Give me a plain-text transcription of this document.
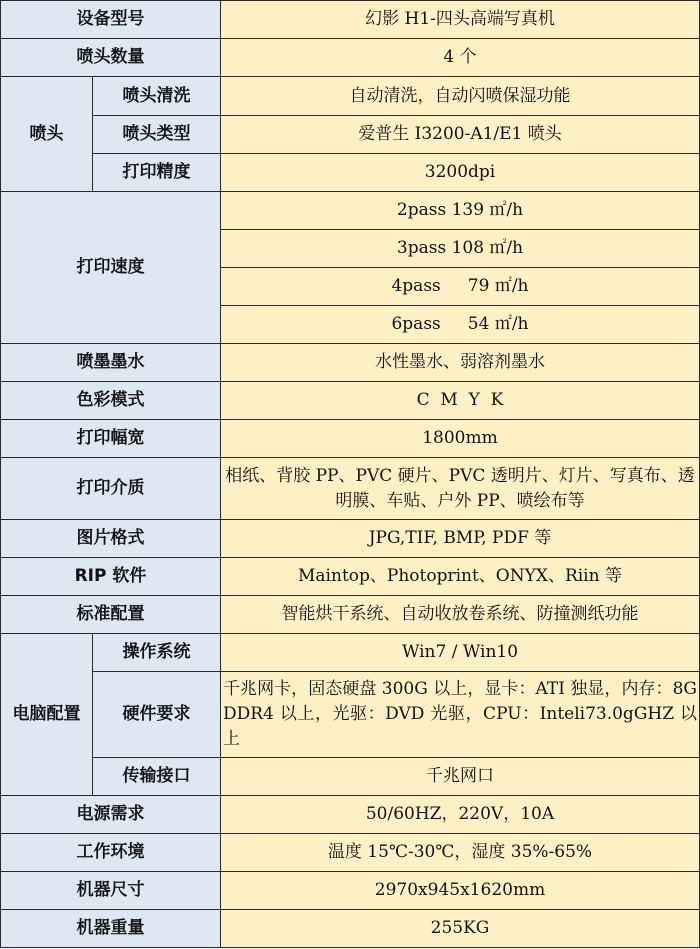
设备型号		幻影 H1-四头高端写真机
喷头数量		4 个
喷头	喷头清洗	自动清洗，自动闪喷保湿功能
	喷头类型	爱普生 I3200-A1/E1 喷头
	打印精度	3200dpi
打印速度		2pass 139 ㎡/h
		3pass 108 ㎡/h
		4pass     79 ㎡/h
		6pass     54 ㎡/h
喷墨墨水		水性墨水、弱溶剂墨水
色彩模式		C  M  Y  K
打印幅宽		1800mm
打印介质		相纸、背胶 PP、PVC 硬片、PVC 透明片、灯片、写真布、透明膜、车贴、户外 PP、喷绘布等
图片格式		JPG,TIF, BMP, PDF 等
RIP 软件		Maintop、Photoprint、ONYX、Riin 等
标准配置		智能烘干系统、自动收放卷系统、防撞测纸功能
电脑配置	操作系统	Win7 / Win10
	硬件要求	千兆网卡，固态硬盘 300G 以上，显卡：ATI 独显，内存：8G DDR4 以上，光驱：DVD 光驱，CPU：Inteli73.0gGHZ 以上

	传输接口	千兆网口
电源需求		50/60HZ，220V，10A
工作环境		温度 15℃-30℃，湿度 35%-65%
机器尺寸		2970x945x1620mm
机器重量		255KG
